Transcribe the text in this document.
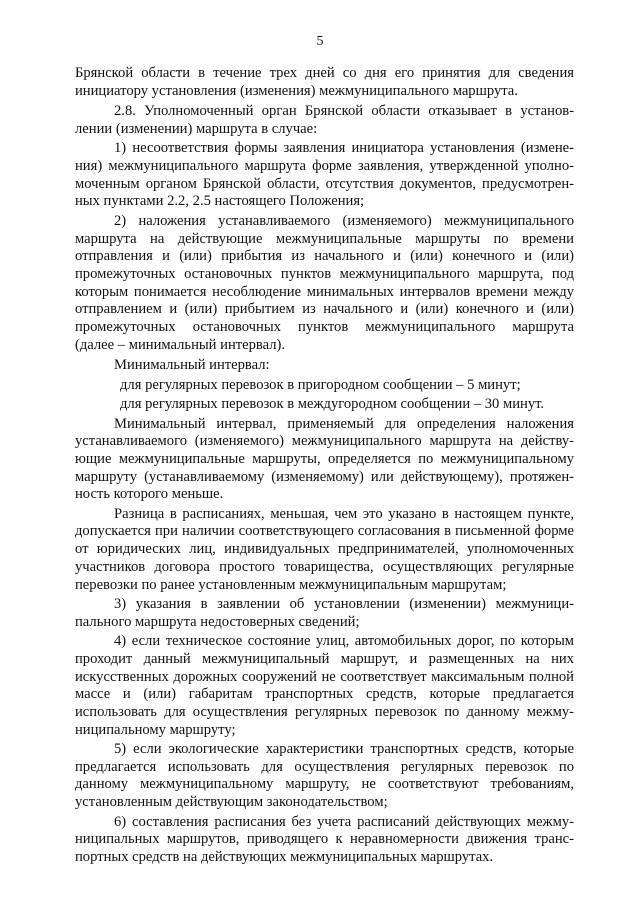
5
Брянской области в течение трех дней со дня его принятия для сведения
инициатору установления (изменения) межмуниципального маршрута.
2.8. Уполномоченный орган Брянской области отказывает в установ-
лении (изменении) маршрута в случае:
1) несоответствия формы заявления инициатора установления (измене-
ния) межмуниципального маршрута форме заявления, утвержденной уполно-
моченным органом Брянской области, отсутствия документов, предусмотрен-
ных пунктами 2.2, 2.5 настоящего Положения;
2) наложения устанавливаемого (изменяемого) межмуниципального
маршрута на действующие межмуниципальные маршруты по времени
отправления и (или) прибытия из начального и (или) конечного и (или)
промежуточных остановочных пунктов межмуниципального маршрута, под
которым понимается несоблюдение минимальных интервалов времени между
отправлением и (или) прибытием из начального и (или) конечного и (или)
промежуточных остановочных пунктов межмуниципального маршрута
(далее – минимальный интервал).
Минимальный интервал:
для регулярных перевозок в пригородном сообщении – 5 минут;
для регулярных перевозок в междугородном сообщении – 30 минут.
Минимальный интервал, применяемый для определения наложения
устанавливаемого (изменяемого) межмуниципального маршрута на действу-
ющие межмуниципальные маршруты, определяется по межмуниципальному
маршруту (устанавливаемому (изменяемому) или действующему), протяжен-
ность которого меньше.
Разница в расписаниях, меньшая, чем это указано в настоящем пункте,
допускается при наличии соответствующего согласования в письменной форме
от юридических лиц, индивидуальных предпринимателей, уполномоченных
участников договора простого товарищества, осуществляющих регулярные
перевозки по ранее установленным межмуниципальным маршрутам;
3) указания в заявлении об установлении (изменении) межмуници-
пального маршрута недостоверных сведений;
4) если техническое состояние улиц, автомобильных дорог, по которым
проходит данный межмуниципальный маршрут, и размещенных на них
искусственных дорожных сооружений не соответствует максимальным полной
массе и (или) габаритам транспортных средств, которые предлагается
использовать для осуществления регулярных перевозок по данному межму-
ниципальному маршруту;
5) если экологические характеристики транспортных средств, которые
предлагается использовать для осуществления регулярных перевозок по
данному межмуниципальному маршруту, не соответствуют требованиям,
установленным действующим законодательством;
6) составления расписания без учета расписаний действующих межму-
ниципальных маршрутов, приводящего к неравномерности движения транс-
портных средств на действующих межмуниципальных маршрутах.
